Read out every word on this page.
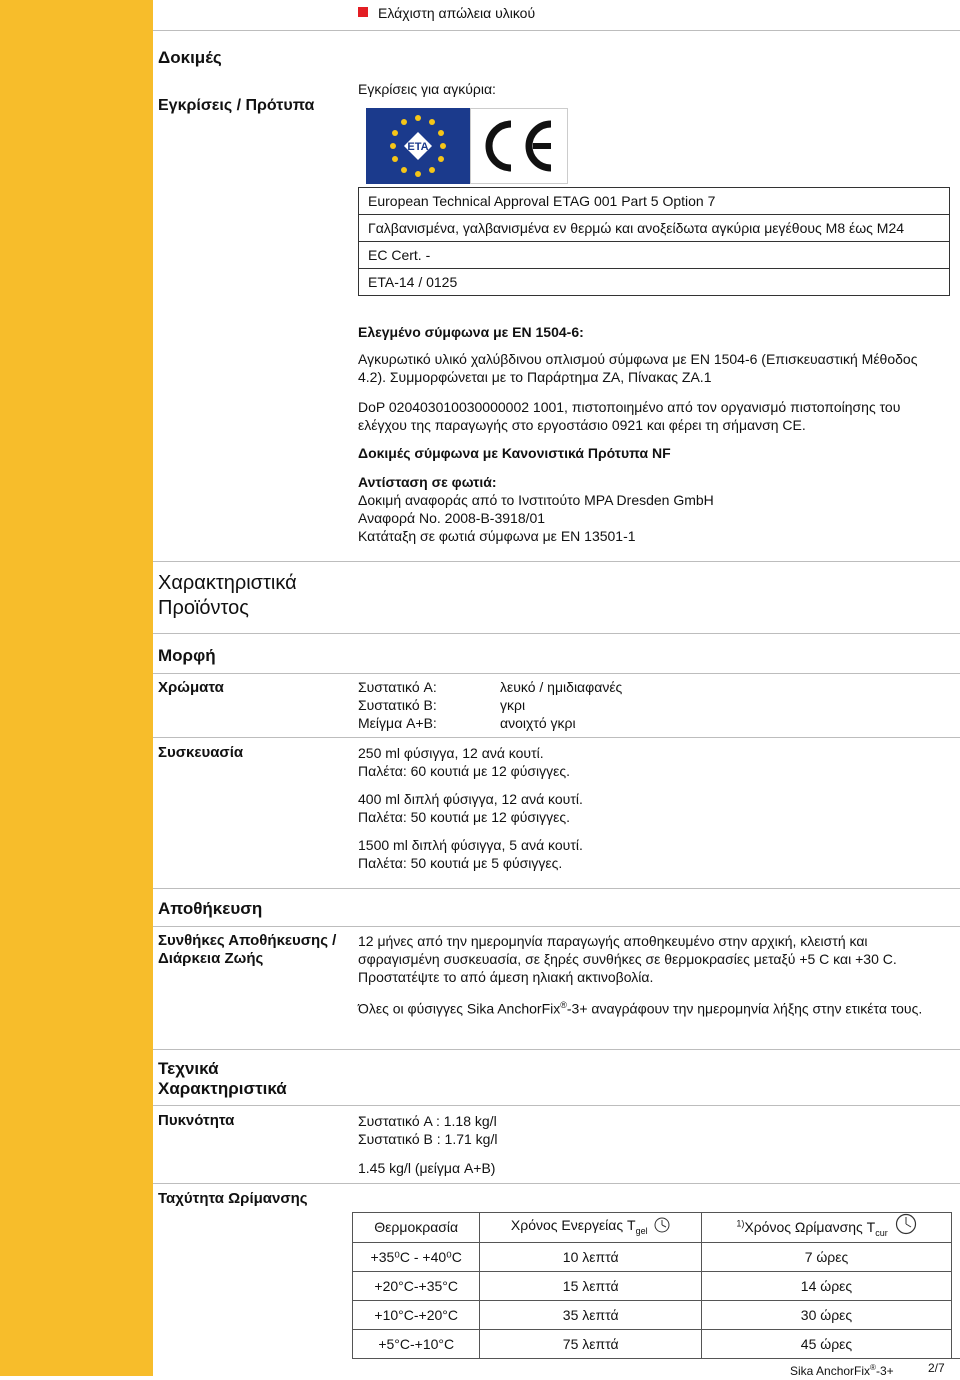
Ελάχιστη απώλεια υλικού
Δοκιμές
Εγκρίσεις / Πρότυπα
Εγκρίσεις για αγκύρια:
ETA
European Technical Approval ETAG 001 Part 5 Option 7
Γαλβανισμένα, γαλβανισμένα εν θερμώ και ανοξείδωτα αγκύρια μεγέθους Μ8 έως Μ24
EC Cert. -
ETA-14 / 0125
Ελεγμένο σύμφωνα με EN 1504-6:
Αγκυρωτικό υλικό χαλύβδινου οπλισμού σύμφωνα με EN 1504-6 (Επισκευαστική Μέθοδος 4.2). Συμμορφώνεται με το Παράρτημα ΖΑ, Πίνακας ΖΑ.1
DoP 020403010030000002 1001, πιστοποιημένο από τον οργανισμό πιστοποίησης του ελέγχου της παραγωγής στο εργοστάσιο 0921 και φέρει τη σήμανση CE.
Δοκιμές σύμφωνα με Κανονιστικά Πρότυπα NF
Αντίσταση σε φωτιά:
Δοκιμή αναφοράς από το Ινστιτούτο MPA Dresden GmbH
Αναφορά No. 2008-B-3918/01
Κατάταξη σε φωτιά σύμφωνα με EN 13501-1
Χαρακτηριστικά
Προϊόντος
Μορφή
Χρώματα	Συστατικό A:	λευκό / ημιδιαφανές
Συστατικό B:	γκρι
Μείγμα A+B:	ανοιχτό γκρι
Συσκευασία	250 ml φύσιγγα, 12 ανά κουτί.
Παλέτα: 60 κουτιά με 12 φύσιγγες.
400 ml διπλή φύσιγγα, 12 ανά κουτί.
Παλέτα: 50 κουτιά με 12 φύσιγγες.
1500 ml διπλή φύσιγγα, 5 ανά κουτί.
Παλέτα: 50 κουτιά με 5 φύσιγγες.
Αποθήκευση
Συνθήκες Αποθήκευσης /
Διάρκεια Ζωής
12 μήνες από την ημερομηνία παραγωγής αποθηκευμένο στην αρχική, κλειστή και σφραγισμένη συσκευασία, σε ξηρές συνθήκες σε θερμοκρασίες μεταξύ +5 C και +30 C. Προστατέψτε το από άμεση ηλιακή ακτινοβολία.
Όλες οι φύσιγγες Sika AnchorFix®-3+ αναγράφουν την ημερομηνία λήξης στην ετικέτα τους.
Τεχνικά
Χαρακτηριστικά
Πυκνότητα	Συστατικό A : 1.18 kg/l
Συστατικό B : 1.71 kg/l
1.45 kg/l (μείγμα A+B)
Ταχύτητα Ωρίμανσης
Θερμοκρασία	Χρόνος Ενεργείας $T_{gel}$	$^{1)}$Χρόνος Ωρίμανσης $T_{cur}$
+35⁰C - +40⁰C	10 λεπτά	7 ώρες
+20°C-+35°C	15 λεπτά	14 ώρες
+10°C-+20°C	35 λεπτά	30 ώρες
+5°C-+10°C	75 λεπτά	45 ώρες
Sika AnchorFix®-3+	2/7
